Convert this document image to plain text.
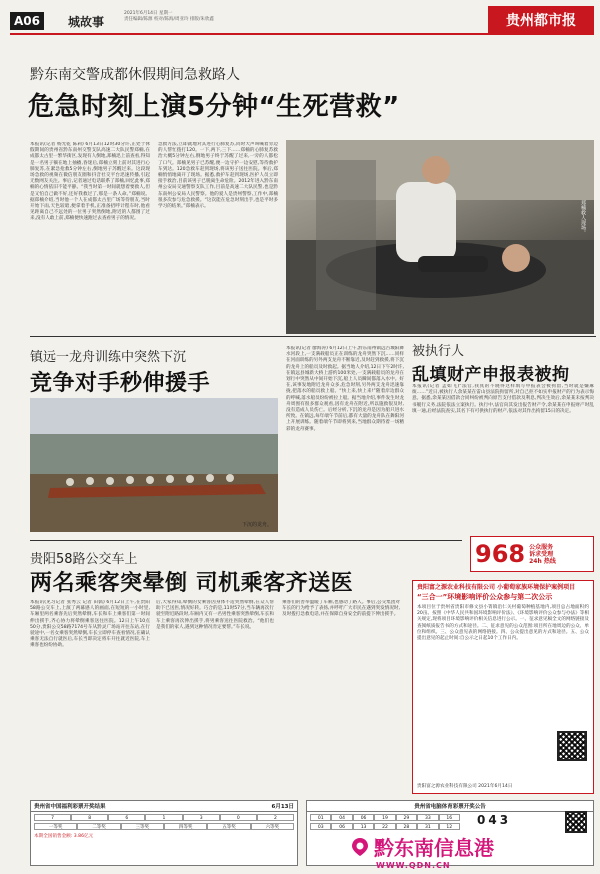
A06	城故事
2021年6月14日 星期一
责任编辑/陈源 校对/陈海/周亚玲 排版/朱欣鑫	贵州都市报
黔东南交警成都休假期间急救路人
危急时刻上演5分钟“生死营救”
本报讯(记者 杨光乾 陈莉) 6月13日12时30分许,正处于休假期间的贵州省黔东南州交警支队高速二大队民警郑楠,在成都太古里一繁华街区,发现有人倒地,郑楠迅上前查看,得知是一名男子躺在地上抽搐,昏迷后,郑楠立刻上前对其进行心肺复苏,在紧急抢救5分钟左右,倒地男子苏醒过来。这段现场急救的视频在微信朋友圈和抖音社交平台迅速传播,引起无数网友关注。事后,记者通过电话联系了郑楠,回忆此事,郑楠的心情依旧不能平静。“我当时第一时间就想着要救人,但是又怕自己做不好,还好我救过了,那是一条人命。”郑楠说。据郑楠介绍,当时他一个人在成都太古里广场等待朋友,当时开始下雨,天色较暗,便拿着手机,正准备招呼计程车时,他看见距离自己不远处的一位男子突然倒地,附近的人都围了过来,没有人敢上前,郑楠便快速跑过去查看男子的情况。
急救方法,立即就地对其进行心肺复苏,同时大声叫喊着旁边的人帮忙拨打120。一下,两下,三下……郑楠的心肺复苏救治大概5分钟左右,倒地男子终于苏醒了过来,一旁的人都松了口气。郑楠见男子已苏醒,便一边守护一边安慰,等待救护车到达。120急救车赶到现场,将该男子送往医院。事后,郑楠悄悄地离开了现场。据悉,救护车赶到现场,医护人员立即接手救治,目前该男子已脱离生命危险。2012年进入黔东南州公安局交通警察支队工作,目前是高速二大队民警,也是黔东南州公安局人民警察。他的爱人是贵州警察,工作中,郑楠很多次参与危急救援。“这次能在危急时刻出手,也是平时多学习的结果。”郑楠表示。	郑楠救人现场。
镇远一龙舟训练中突然下沉
竞争对手秒伸援手
下沉的龙舟。
本报讯(记者 廖海涛) 6月12日上午,黔东南州镇远古城阳舞水河段上,一支满载船员正在训练的龙舟突然下沉……同样在河面训练的另外两支龙舟不断靠近,及时赶到救援,将下沉的龙舟上的船员及时救起。据当地人介绍,12日下午2时许,在镇远县城新大桥上游约100米处,一支满载船员的龙舟在划行中突然从中间开始下沉,船上人员瞬间都落入水中。好在,该事发地附近龙舟众多,危急时刻,另外两支龙舟迅速靠拢,把落水的船员救上船。“快上来,快上来!”随着岸边群众的呼喊,落水船员纷纷被拉上船。据当地介绍,事件发生时龙舟周围有很多群众观看,因有龙舟在附近,所以施救很及时,没有造成人员伤亡。后经分析,下沉的龙舟是因为船只进水所致。在镇远,每年端午节前后,都有大量的龙舟队在舞阳河上开展训练。随着端午节即将到来,当地群众期待着一场精彩的龙舟赛事。
被执行人
乱填财产申报表被拘
本报讯(记者 孟如飞)“法官,我真的不晓得这样填写申报表会被拘留,当时就是嫌麻烦……”近日,被执行人余某某在雷山县法院拘留所,对自己拒不如实申报财产的行为表示悔意。据悉,余某某因借款合同纠纷被判向原告支付借款及利息,判决生效后,余某某未按判决书履行义务,法院依法立案执行。执行中,法官向其发出报告财产令,余某某在申报财产时乱填一通,后经法院查实,其名下有可供执行的财产,依法对其作出拘留15日的决定。
968 公众服务
诉求受理
24h 热线
贵阳58路公交车上
两名乘客突晕倒 司机乘客齐送医
本报讯(见习记者 张秀云 记者 田儒) 6月12日上午,在贵阳58路公交车上,上演了两幕感人的画面,在短短的一小时里,车厢里两名乘客先后突然晕倒,车长和车上乘客们第一时间伸出援手,齐心协力将晕倒乘客送往医院。12日上午10点50分,贵阳公交58路7174号车从黔灵广场站开往东站,在行驶途中,一名女乘客突然晕倒,车长立即停车查看情况,在确认乘客无法自行就医后,车长当即决定将车开往就近医院,车上乘客也纷纷协助。
后,大家得知,晕倒的女乘客因身体不适突然晕倒,在众人帮助下已送医,情况好转。巧合的是,11时57分,当车辆再次行驶至附近路段时,车厢内又有一名男性乘客突然晕倒,车长和车上乘客再次伸出援手,将男乘客送往医院救治。“他们也是我们的家人,遇到这种情况肯定要帮。”车长说。
乘客们的善举温暖了车厢,也感动了路人。事后,公交集团对车长的行为给予了表扬,并呼吁广大市民在遇到突发情况时,及时拨打急救电话,并在保障自身安全的前提下伸出援手。
贵阳富之源农业科技有限公司 小葡萄家族环境保护案例项目
“三合一”环境影响评价公众参与第二次公示
本项目位于贵州省贵阳市修文县小箐镇沿仁关村葡萄种植基地内,项目总占地面积约20亩。按照《中华人民共和国环境影响评价法》、《环境影响评价公众参与办法》等相关规定,现将项目环境影响评价相关信息进行公示。一、征求意见稿全文的网络链接及查阅纸质报告书的方式和途径。二、征求意见的公众范围:项目所在地周边的公众、单位和组织。三、公众意见表的网络链接。四、公众提出意见的方式和途径。五、公众提出意见的起止时间:自公示之日起10个工作日内。
贵阳富之源农业科技有限公司 2021年6月14日
贵州省中国福利彩票开奖结果	6月13日
7	8	6	1	3	0	2
一等奖	二等奖	三等奖	四等奖	五等奖	六等奖
本期全国销售金额: 3.86亿元
贵州省电脑体育彩票开奖公告
01	04	06	19	29	33	16
03	06	13	22	28	31	12
043
黔东南信息港
WWW.QDN.CN
